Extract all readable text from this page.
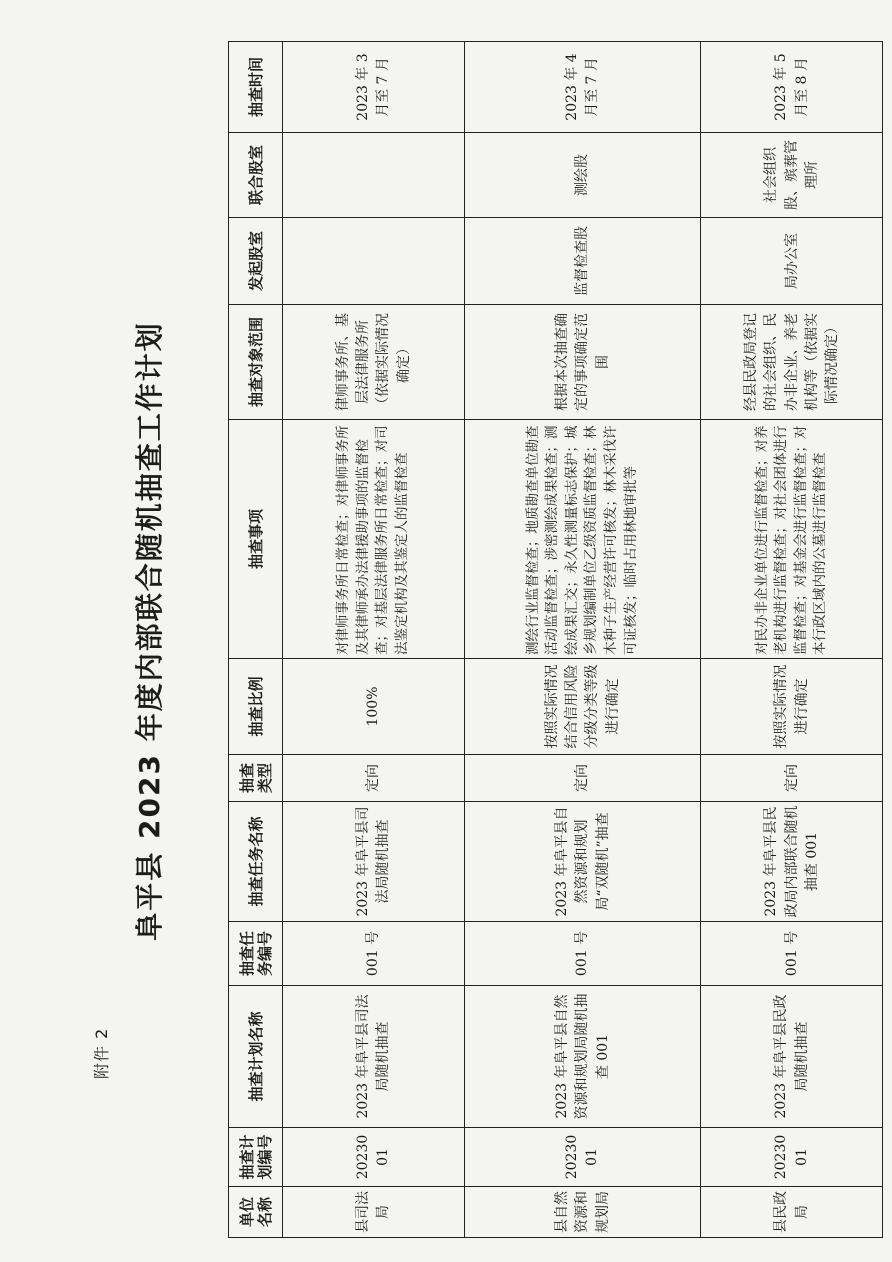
附件 2
阜平县 2023 年度内部联合随机抽查工作计划
单位名称	抽查计划编号	抽查计划名称	抽查任务编号	抽查任务名称	抽查类型	抽查比例	抽查事项	抽查对象范围	发起股室	联合股室	抽查时间
县司法局	2023001	2023 年阜平县司法局随机抽查	001 号	2023 年阜平县司法局随机抽查	定向	100%	对律师事务所日常检查；对律师事务所及其律师承办法律援助事项的监督检查；对基层法律服务所日常检查；对司法鉴定机构及其鉴定人的监督检查	律师事务所、基层法律服务所（依据实际情况确定）			2023 年 3 月至 7 月
县自然资源和规划局	2023001	2023 年阜平县自然资源和规划局随机抽查 001	001 号	2023 年阜平县自然资源和规划局“双随机”抽查	定向	按照实际情况结合信用风险分级分类等级进行确定	测绘行业监督检查；地质勘查单位勘查活动监督检查；涉密测绘成果检查；测绘成果汇交；永久性测量标志保护；城乡规划编制单位乙级资质监督检查；林木种子生产经营许可核发；林木采伐许可证核发；临时占用林地审批等	根据本次抽查确定的事项确定范围	监督检查股	测绘股	2023 年 4 月至 7 月
县民政局	2023001	2023 年阜平县民政局随机抽查	001 号	2023 年阜平县民政局内部联合随机抽查 001	定向	按照实际情况进行确定	对民办非企业单位进行监督检查；对养老机构进行监督检查；对社会团体进行监督检查；对基金会进行监督检查；对本行政区域内的公墓进行监督检查	经县民政局登记的社会组织、民办非企业、养老机构等（依据实际情况确定）	局办公室	社会组织股、殡葬管理所	2023 年 5 月至 8 月
